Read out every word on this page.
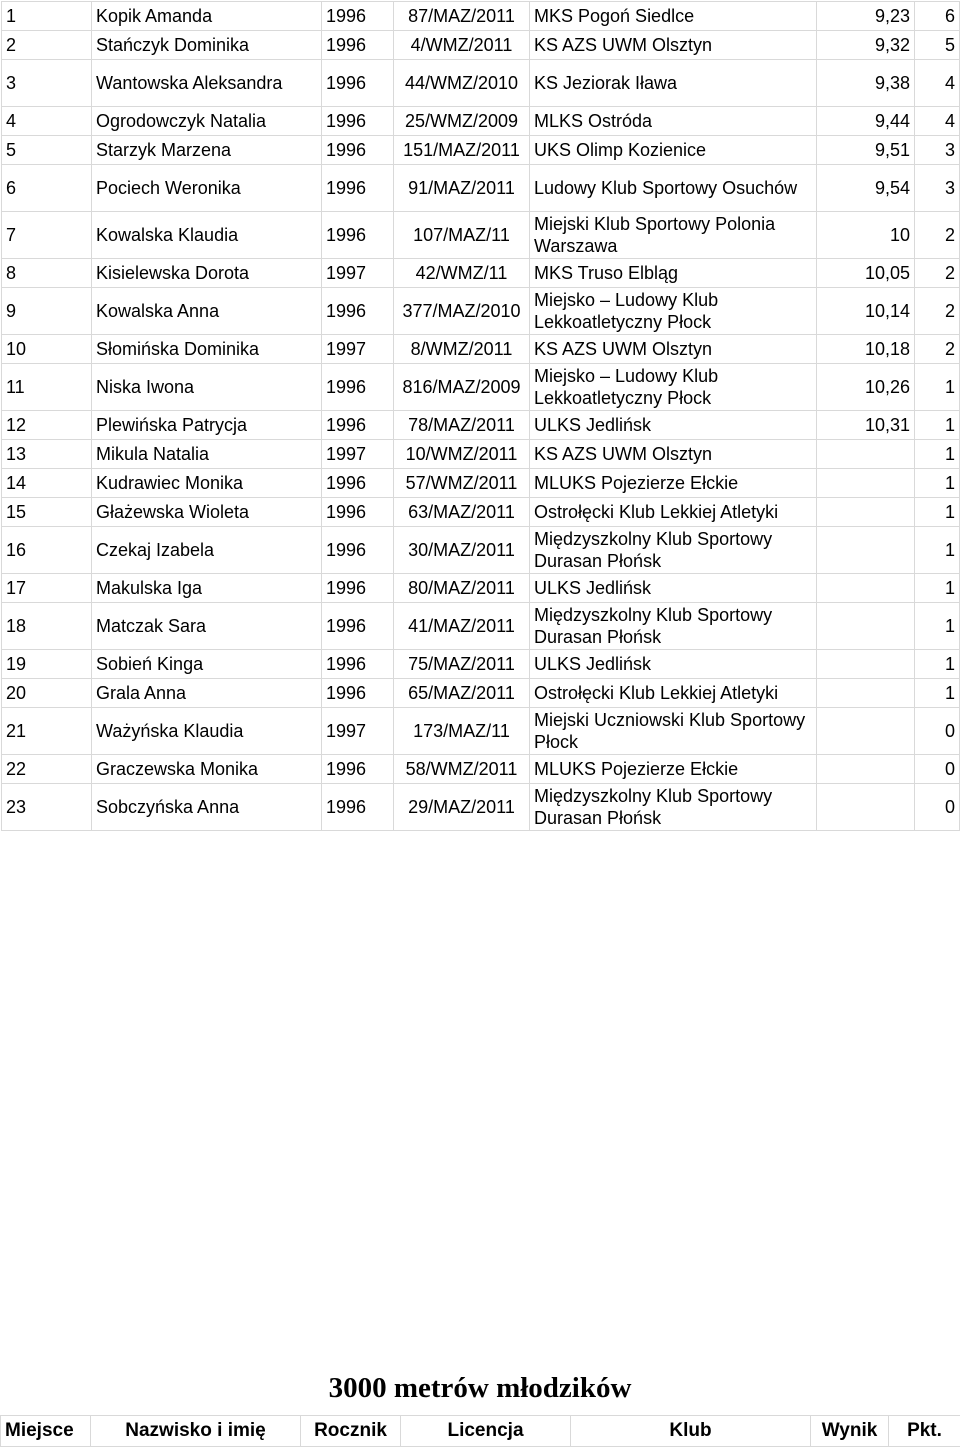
1	Kopik Amanda	1996	87/MAZ/2011	MKS Pogoń Siedlce	9,23	6
2	Stańczyk Dominika	1996	4/WMZ/2011	KS AZS UWM Olsztyn	9,32	5
3	Wantowska Aleksandra	1996	44/WMZ/2010	KS Jeziorak Iława	9,38	4
4	Ogrodowczyk Natalia	1996	25/WMZ/2009	MLKS Ostróda	9,44	4
5	Starzyk Marzena	1996	151/MAZ/2011	UKS Olimp Kozienice	9,51	3
6	Pociech Weronika	1996	91/MAZ/2011	Ludowy Klub Sportowy Osuchów	9,54	3
7	Kowalska Klaudia	1996	107/MAZ/11	Miejski Klub Sportowy Polonia Warszawa	10	2
8	Kisielewska Dorota	1997	42/WMZ/11	MKS Truso Elbląg	10,05	2
9	Kowalska Anna	1996	377/MAZ/2010	Miejsko – Ludowy Klub Lekkoatletyczny Płock	10,14	2
10	Słomińska Dominika	1997	8/WMZ/2011	KS AZS UWM Olsztyn	10,18	2
11	Niska Iwona	1996	816/MAZ/2009	Miejsko – Ludowy Klub Lekkoatletyczny Płock	10,26	1
12	Plewińska Patrycja	1996	78/MAZ/2011	ULKS Jedlińsk	10,31	1
13	Mikula Natalia	1997	10/WMZ/2011	KS AZS UWM Olsztyn		1
14	Kudrawiec Monika	1996	57/WMZ/2011	MLUKS Pojezierze Ełckie		1
15	Głażewska Wioleta	1996	63/MAZ/2011	Ostrołęcki Klub Lekkiej Atletyki		1
16	Czekaj Izabela	1996	30/MAZ/2011	Międzyszkolny Klub Sportowy Durasan Płońsk		1
17	Makulska Iga	1996	80/MAZ/2011	ULKS Jedlińsk		1
18	Matczak Sara	1996	41/MAZ/2011	Międzyszkolny Klub Sportowy Durasan Płońsk		1
19	Sobień Kinga	1996	75/MAZ/2011	ULKS Jedlińsk		1
20	Grala Anna	1996	65/MAZ/2011	Ostrołęcki Klub Lekkiej Atletyki		1
21	Ważyńska Klaudia	1997	173/MAZ/11	Miejski Uczniowski Klub Sportowy Płock		0
22	Graczewska Monika	1996	58/WMZ/2011	MLUKS Pojezierze Ełckie		0
23	Sobczyńska Anna	1996	29/MAZ/2011	Międzyszkolny Klub Sportowy Durasan Płońsk		0
3000 metrów młodzików
Miejsce	Nazwisko i imię	Rocznik	Licencja	Klub	Wynik	Pkt.
